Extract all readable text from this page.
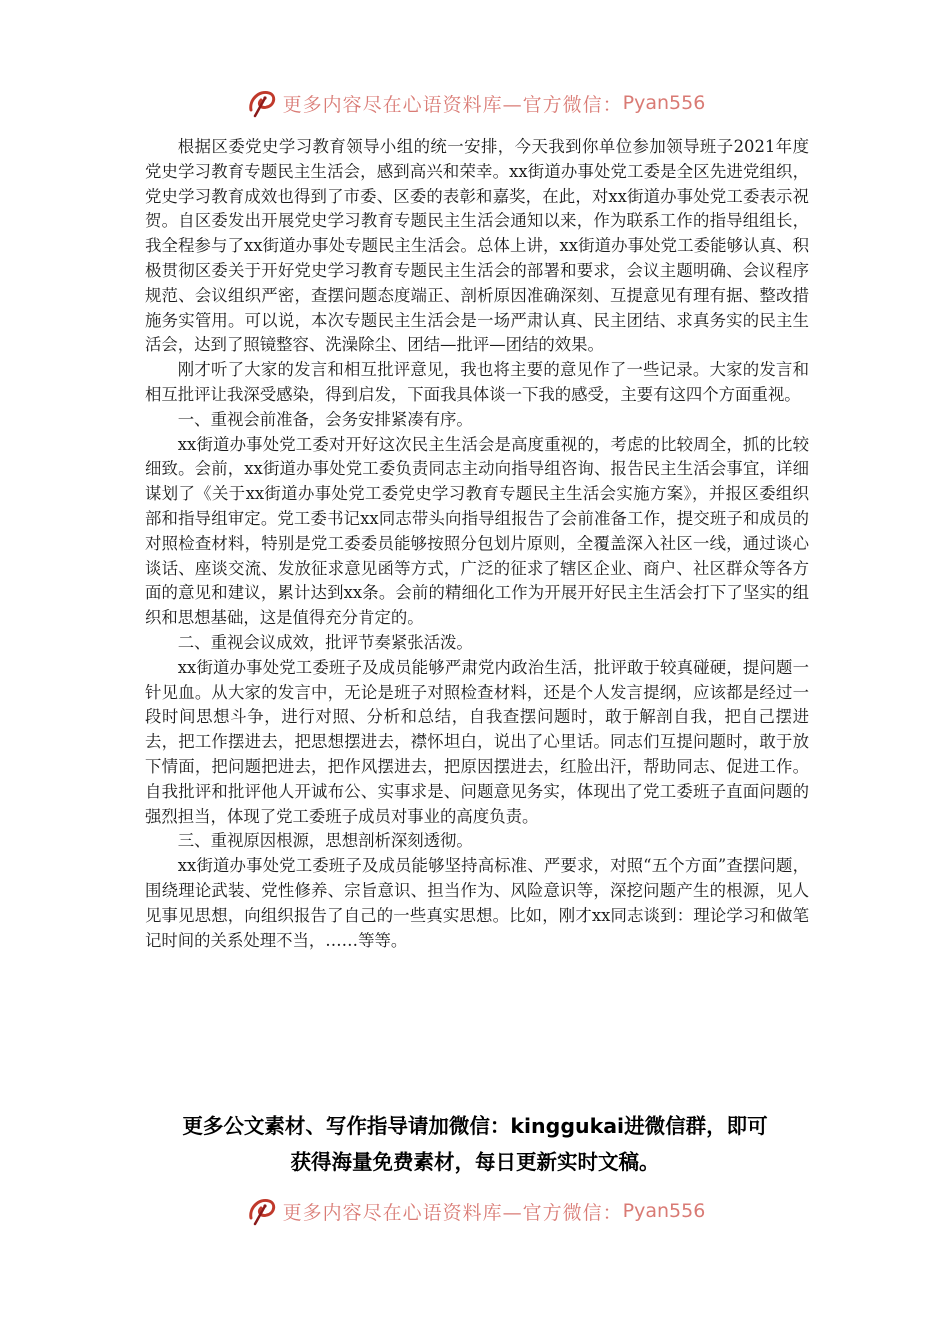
更多内容尽在心语资料库—官方微信： Pyan556

根据区委党史学习教育领导小组的统一安排，今天我到你单位参加领导班子2021年度党史学习教育专题民主生活会，感到高兴和荣幸。xx街道办事处党工委是全区先进党组织，党史学习教育成效也得到了市委、区委的表彰和嘉奖，在此，对xx街道办事处党工委表示祝贺。自区委发出开展党史学习教育专题民主生活会通知以来，作为联系工作的指导组组长，我全程参与了xx街道办事处专题民主生活会。总体上讲，xx街道办事处党工委能够认真、积极贯彻区委关于开好党史学习教育专题民主生活会的部署和要求，会议主题明确、会议程序规范、会议组织严密，查摆问题态度端正、剖析原因准确深刻、互提意见有理有据、整改措施务实管用。可以说，本次专题民主生活会是一场严肃认真、民主团结、求真务实的民主生活会，达到了照镜整容、洗澡除尘、团结—批评—团结的效果。

刚才听了大家的发言和相互批评意见，我也将主要的意见作了一些记录。大家的发言和相互批评让我深受感染，得到启发，下面我具体谈一下我的感受，主要有这四个方面重视。

一、重视会前准备，会务安排紧凑有序。

xx街道办事处党工委对开好这次民主生活会是高度重视的，考虑的比较周全，抓的比较细致。会前，xx街道办事处党工委负责同志主动向指导组咨询、报告民主生活会事宜，详细谋划了《关于xx街道办事处党工委党史学习教育专题民主生活会实施方案》，并报区委组织部和指导组审定。党工委书记xx同志带头向指导组报告了会前准备工作，提交班子和成员的对照检查材料，特别是党工委委员能够按照分包划片原则，全覆盖深入社区一线，通过谈心谈话、座谈交流、发放征求意见函等方式，广泛的征求了辖区企业、商户、社区群众等各方面的意见和建议，累计达到xx条。会前的精细化工作为开展开好民主生活会打下了坚实的组织和思想基础，这是值得充分肯定的。

二、重视会议成效，批评节奏紧张活泼。

xx街道办事处党工委班子及成员能够严肃党内政治生活，批评敢于较真碰硬，提问题一针见血。从大家的发言中，无论是班子对照检查材料，还是个人发言提纲，应该都是经过一段时间思想斗争，进行对照、分析和总结，自我查摆问题时，敢于解剖自我，把自己摆进去，把工作摆进去，把思想摆进去，襟怀坦白，说出了心里话。同志们互提问题时，敢于放下情面，把问题把进去，把作风摆进去，把原因摆进去，红脸出汗，帮助同志、促进工作。自我批评和批评他人开诚布公、实事求是、问题意见务实，体现出了党工委班子直面问题的强烈担当，体现了党工委班子成员对事业的高度负责。

三、重视原因根源，思想剖析深刻透彻。

xx街道办事处党工委班子及成员能够坚持高标准、严要求，对照“五个方面”查摆问题，围绕理论武装、党性修养、宗旨意识、担当作为、风险意识等，深挖问题产生的根源，见人见事见思想，向组织报告了自己的一些真实思想。比如，刚才xx同志谈到：理论学习和做笔记时间的关系处理不当，……等等。

更多公文素材、写作指导请加微信：kinggukai进微信群，即可
获得海量免费素材，每日更新实时文稿。
更多内容尽在心语资料库—官方微信： Pyan556
